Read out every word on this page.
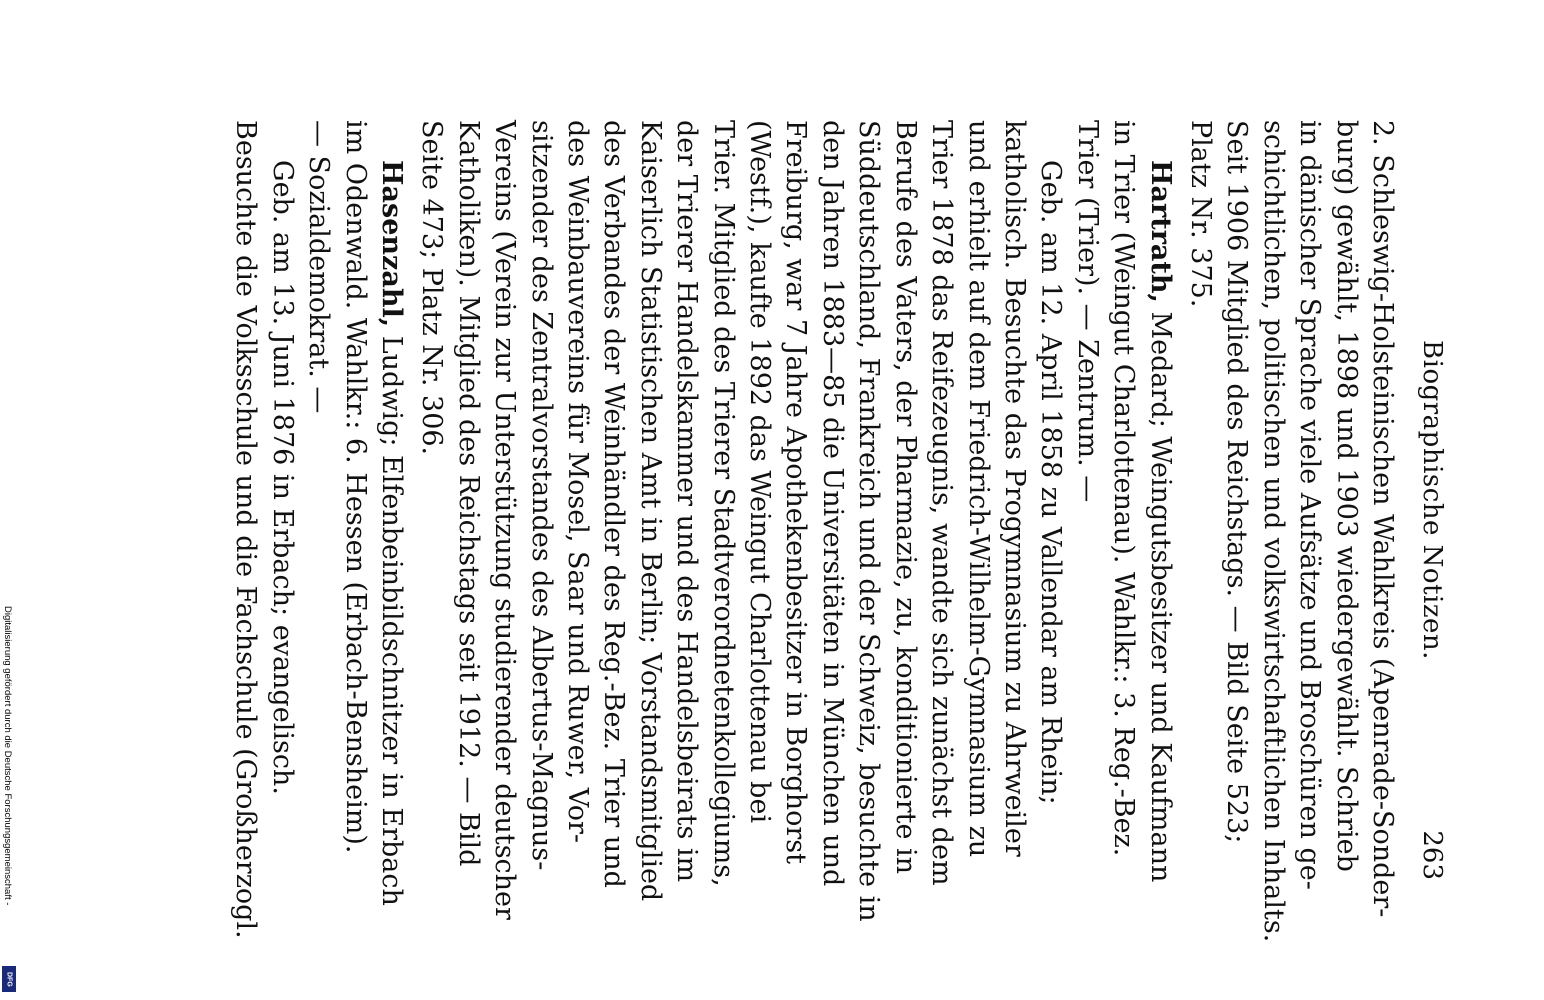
Biographische Notizen.
263

2. Schleswig-Holsteinischen Wahlkreis (Apenrade-Sonder-
burg) gewählt, 1898 und 1903 wiedergewählt. Schrieb
in dänischer Sprache viele Aufsätze und Broschüren ge-
schichtlichen, politischen und volkswirtschaftlichen Inhalts.
Seit 1906 Mitglied des Reichstags. — Bild Seite 523;
Platz Nr. 375.

Hartrath, Medard; Weingutsbesitzer und Kaufmann
in Trier (Weingut Charlottenau). Wahlkr.: 3. Reg.-Bez.
Trier (Trier). — Zentrum. —

Geb. am 12. April 1858 zu Vallendar am Rhein;
katholisch. Besuchte das Progymnasium zu Ahrweiler
und erhielt auf dem Friedrich-Wilhelm-Gymnasium zu
Trier 1878 das Reifezeugnis, wandte sich zunächst dem
Berufe des Vaters, der Pharmazie, zu, konditionierte in
Süddeutschland, Frankreich und der Schweiz, besuchte in
den Jahren 1883—85 die Universitäten in München und
Freiburg, war 7 Jahre Apothekenbesitzer in Borghorst
(Westf.), kaufte 1892 das Weingut Charlottenau bei
Trier. Mitglied des Trierer Stadtverordnetenkollegiums,
der Trierer Handelskammer und des Handelsbeirats im
Kaiserlich Statistischen Amt in Berlin; Vorstandsmitglied
des Verbandes der Weinhändler des Reg.-Bez. Trier und
des Weinbauvereins für Mosel, Saar und Ruwer, Vor-
sitzender des Zentralvorstandes des Albertus-Magnus-
Vereins (Verein zur Unterstützung studierender deutscher
Katholiken). Mitglied des Reichstags seit 1912. — Bild
Seite 473; Platz Nr. 306.

Hasenzahl, Ludwig; Elfenbeinbildschnitzer in Erbach
im Odenwald. Wahlkr.: 6. Hessen (Erbach-Bensheim).
— Sozialdemokrat. —

Geb. am 13. Juni 1876 in Erbach; evangelisch.
Besuchte die Volksschule und die Fachschule (Großherzogl.

Digitalisierung gefördert durch die Deutsche Forschungsgemeinschaft -
DFG
